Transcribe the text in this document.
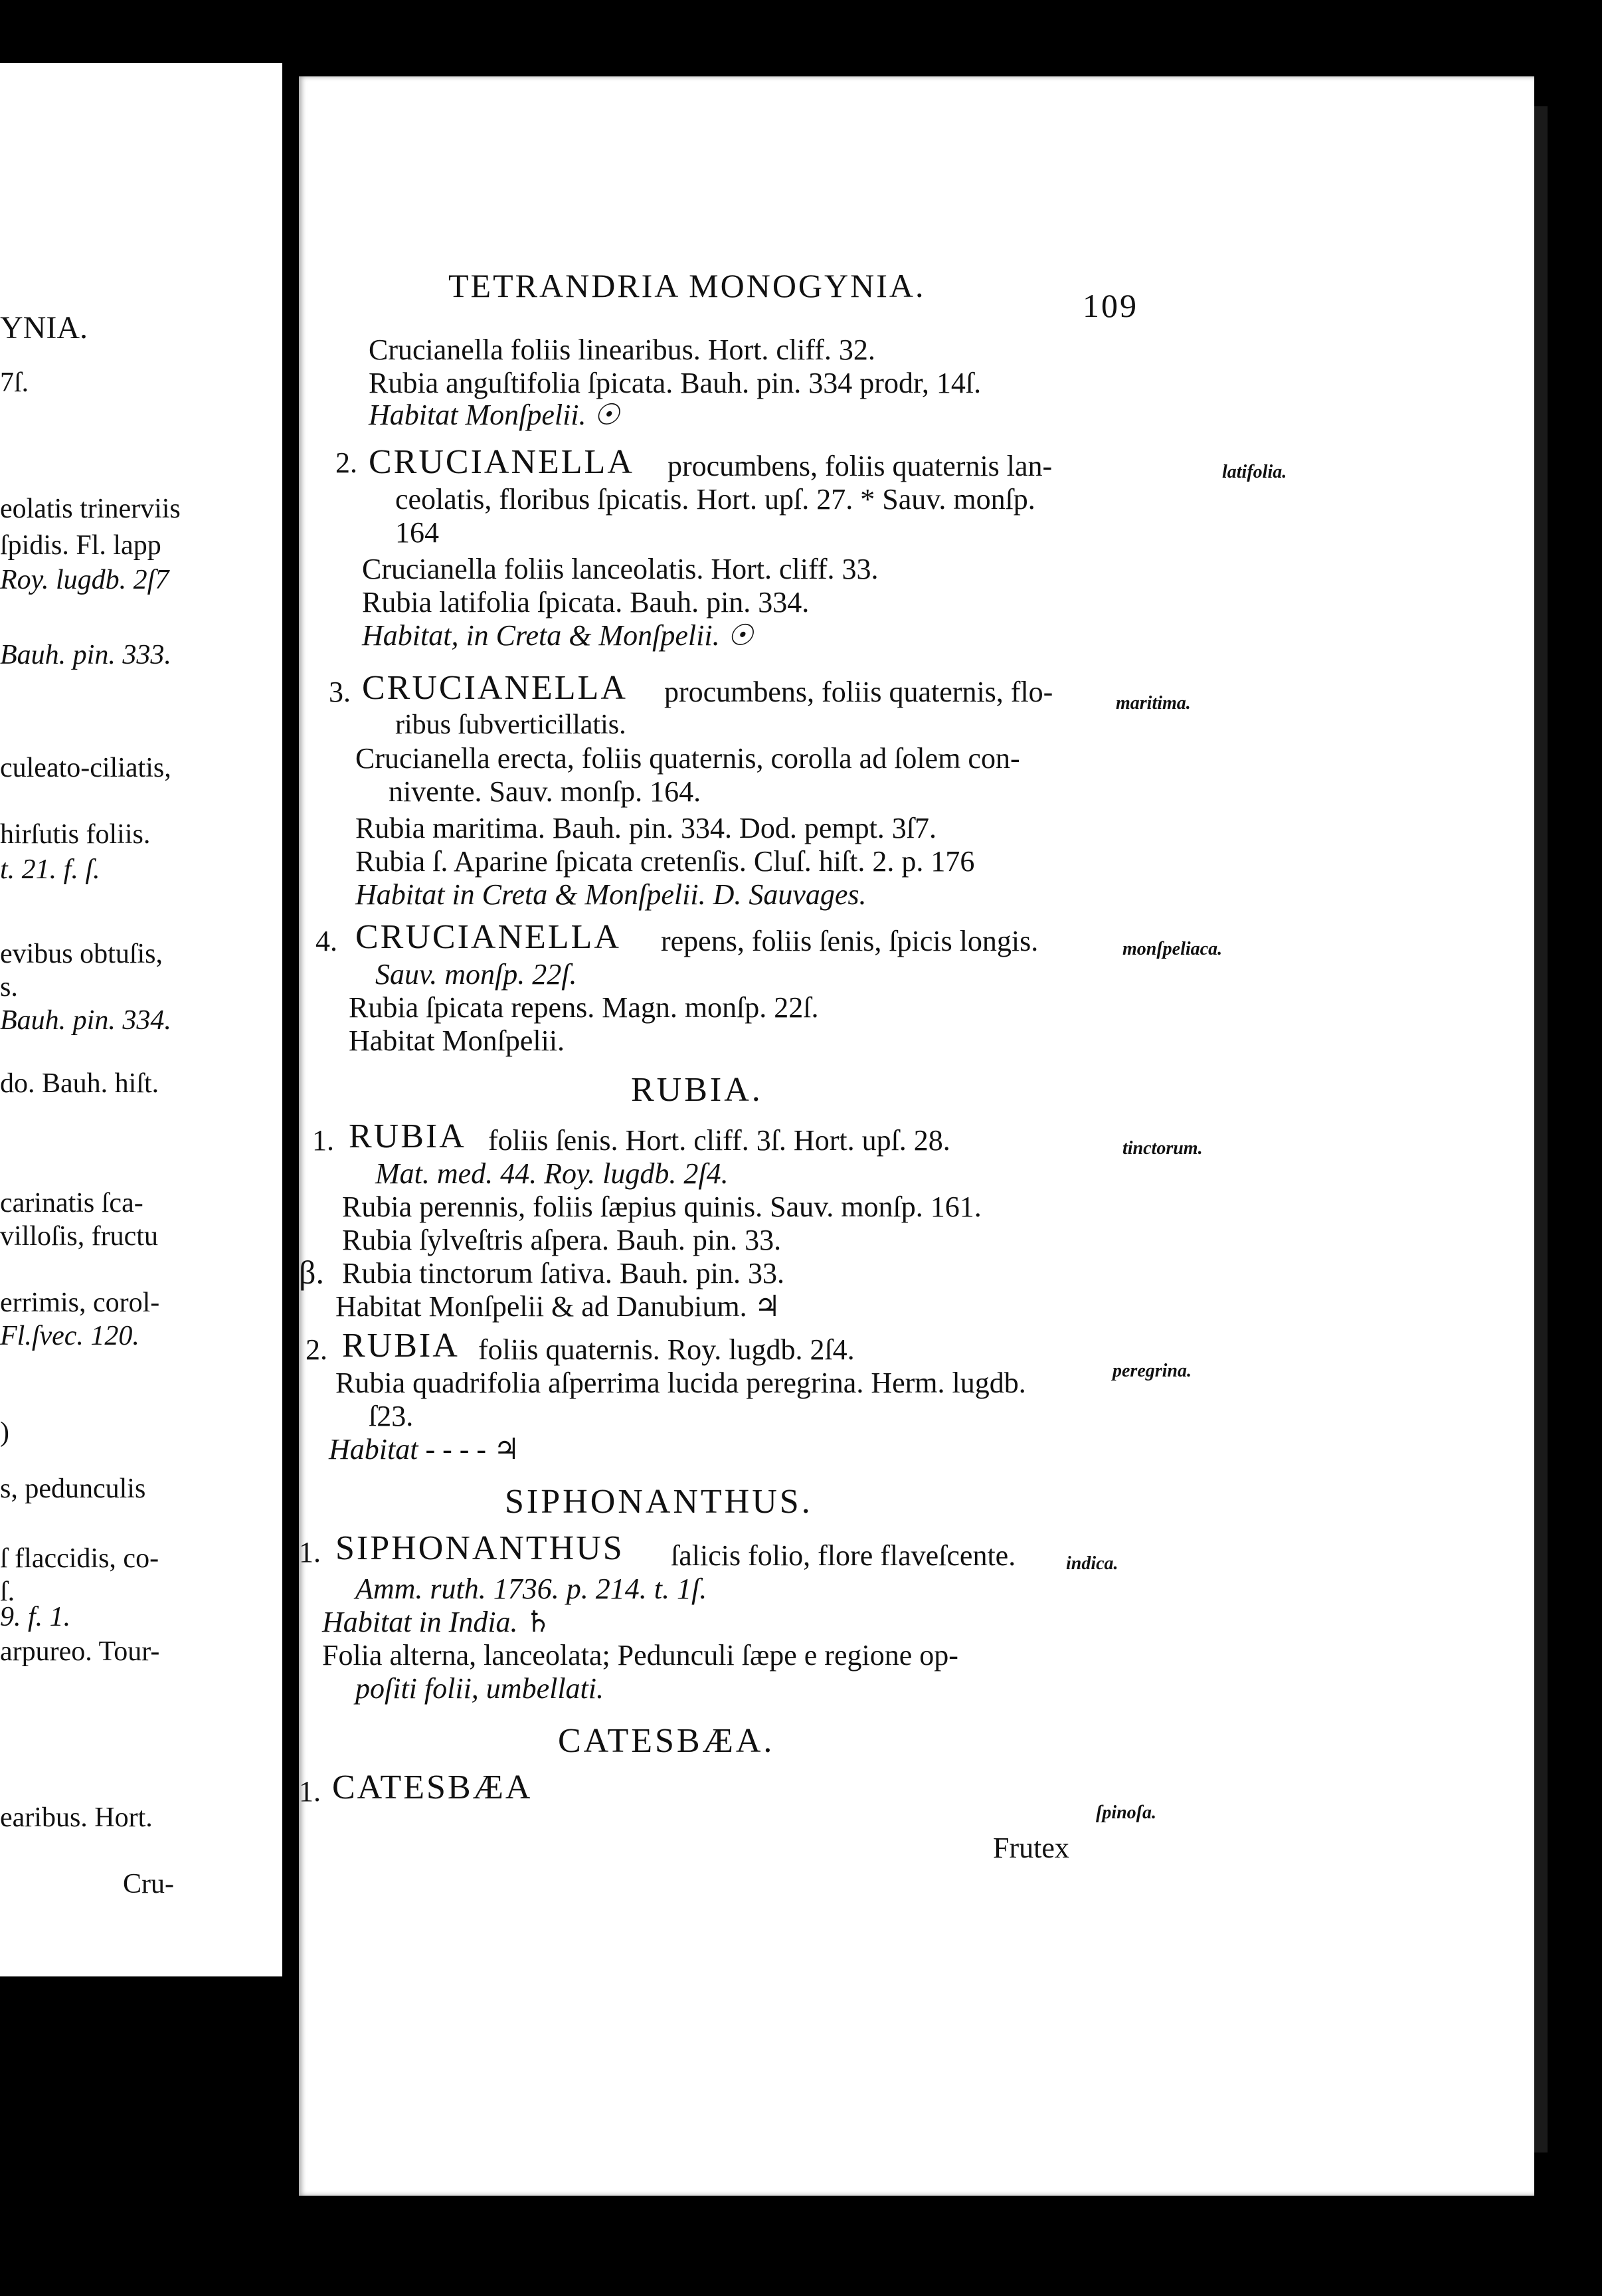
YNIA.
7ſ.
eolatis trinerviis
ſpidis. Fl. lapp
Roy. lugdb. 2ſ7
Bauh. pin. 333.
culeato-ciliatis,
hirſutis foliis.
t. 21. f. ſ.
evibus obtuſis,
s.
Bauh. pin. 334.
do. Bauh. hiſt.
carinatis ſca-
villoſis, fructu
errimis, corol-
Fl.ſvec. 120.
)
s, pedunculis
ſ flaccidis, co-
ſ.
9. f. 1.
arpureo. Tour-
earibus. Hort.
Cru-
TETRANDRIA MONOGYNIA.
109
Crucianella foliis linearibus. Hort. cliff. 32.
Rubia anguſtifolia ſpicata. Bauh. pin. 334 prodr, 14ſ.
Habitat Monſpelii. ☉
2. CRUCIANELLA procumbens, foliis quaternis lan-	latifolia.
ceolatis, floribus ſpicatis. Hort. upſ. 27. * Sauv. monſp.
164
Crucianella foliis lanceolatis. Hort. cliff. 33.
Rubia latifolia ſpicata. Bauh. pin. 334.
Habitat, in Creta & Monſpelii. ☉
3. CRUCIANELLA procumbens, foliis quaternis, flo-	maritima.
ribus ſubverticillatis.
Crucianella erecta, foliis quaternis, corolla ad ſolem con-
nivente. Sauv. monſp. 164.
Rubia maritima. Bauh. pin. 334. Dod. pempt. 3ſ7.
Rubia ſ. Aparine ſpicata cretenſis. Cluſ. hiſt. 2. p. 176
Habitat in Creta & Monſpelii. D. Sauvages.
4. CRUCIANELLA repens, foliis ſenis, ſpicis longis.	monſpeliaca.
Sauv. monſp. 22ſ.
Rubia ſpicata repens. Magn. monſp. 22ſ.
Habitat Monſpelii.
RUBIA.
1. RUBIA foliis ſenis. Hort. cliff. 3ſ. Hort. upſ. 28.	tinctorum.
Mat. med. 44. Roy. lugdb. 2ſ4.
Rubia perennis, foliis ſæpius quinis. Sauv. monſp. 161.
Rubia ſylveſtris aſpera. Bauh. pin. 33.
β. Rubia tinctorum ſativa. Bauh. pin. 33.
Habitat Monſpelii & ad Danubium. ♃
2. RUBIA foliis quaternis. Roy. lugdb. 2ſ4.
Rubia quadrifolia aſperrima lucida peregrina. Herm. lugdb.	peregrina.
ſ23.
Habitat - - - - ♃
SIPHONANTHUS.
1. SIPHONANTHUS ſalicis folio, flore flaveſcente.	indica.
Amm. ruth. 1736. p. 214. t. 1ſ.
Habitat in India. ♄
Folia alterna, lanceolata; Pedunculi ſæpe e regione op-
poſiti folii, umbellati.
CATESBÆA.
1. CATESBÆA
ſpinoſa.
Frutex
